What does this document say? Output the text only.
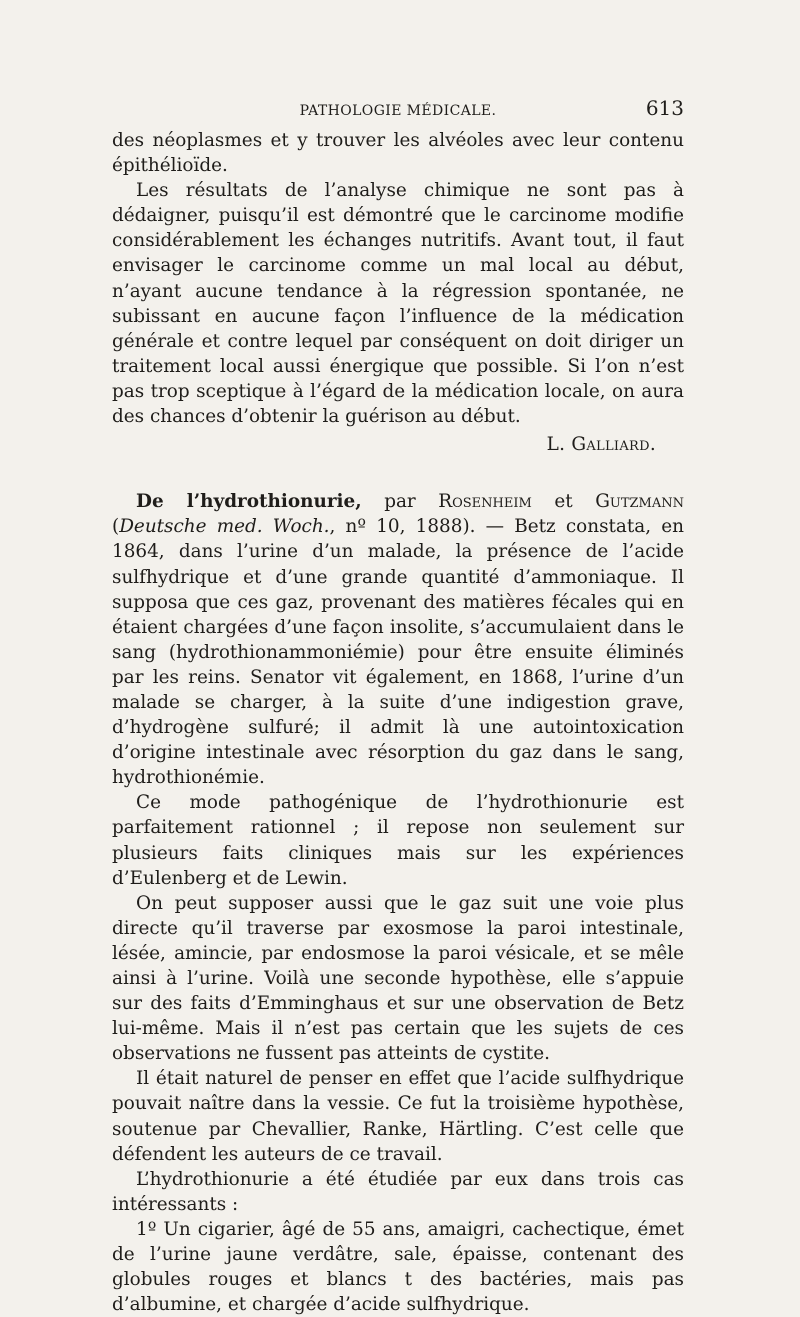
PATHOLOGIE MÉDICALE.	613

des néoplasmes et y trouver les alvéoles avec leur contenu épithélioïde.

Les résultats de l’analyse chimique ne sont pas à dédaigner, puisqu’il est démontré que le carcinome modifie considérablement les échanges nutritifs. Avant tout, il faut envisager le carcinome comme un mal local au début, n’ayant aucune tendance à la régression spontanée, ne subissant en aucune façon l’influence de la médication générale et contre lequel par conséquent on doit diriger un traitement local aussi énergique que possible. Si l’on n’est pas trop sceptique à l’égard de la médication locale, on aura des chances d’obtenir la guérison au début.

L. Galliard.

De l’hydrothionurie, par Rosenheim et Gutzmann (Deutsche med. Woch., nº 10, 1888). — Betz constata, en 1864, dans l’urine d’un malade, la présence de l’acide sulfhydrique et d’une grande quantité d’ammoniaque. Il supposa que ces gaz, provenant des matières fécales qui en étaient chargées d’une façon insolite, s’accumulaient dans le sang (hydrothionammoniémie) pour être ensuite éliminés par les reins. Senator vit également, en 1868, l’urine d’un malade se charger, à la suite d’une indigestion grave, d’hydrogène sulfuré; il admit là une autointoxication d’origine intestinale avec résorption du gaz dans le sang, hydrothionémie.

Ce mode pathogénique de l’hydrothionurie est parfaitement rationnel ; il repose non seulement sur plusieurs faits cliniques mais sur les expériences d’Eulenberg et de Lewin.

On peut supposer aussi que le gaz suit une voie plus directe qu’il traverse par exosmose la paroi intestinale, lésée, amincie, par endosmose la paroi vésicale, et se mêle ainsi à l’urine. Voilà une seconde hypothèse, elle s’appuie sur des faits d’Emminghaus et sur une observation de Betz lui-même. Mais il n’est pas certain que les sujets de ces observations ne fussent pas atteints de cystite.

Il était naturel de penser en effet que l’acide sulfhydrique pouvait naître dans la vessie. Ce fut la troisième hypothèse, soutenue par Chevallier, Ranke, Härtling. C’est celle que défendent les auteurs de ce travail.

L’hydrothionurie a été étudiée par eux dans trois cas intéressants :

1º Un cigarier, âgé de 55 ans, amaigri, cachectique, émet de l’urine jaune verdâtre, sale, épaisse, contenant des globules rouges et blancs t des bactéries, mais pas d’albumine, et chargée d’acide sulfhydrique.
